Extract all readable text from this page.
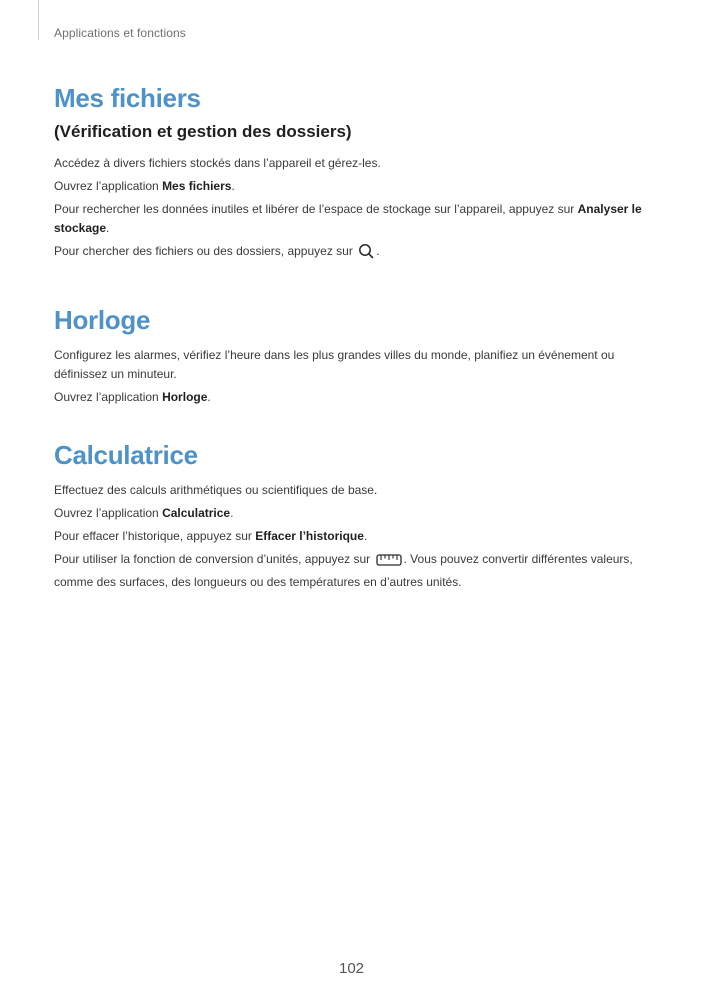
Applications et fonctions
Mes fichiers
(Vérification et gestion des dossiers)

Accédez à divers fichiers stockés dans l’appareil et gérez-les.

Ouvrez l’application Mes fichiers.

Pour rechercher les données inutiles et libérer de l’espace de stockage sur l’appareil, appuyez sur Analyser le stockage.

Pour chercher des fichiers ou des dossiers, appuyez sur .

Horloge

Configurez les alarmes, vérifiez l’heure dans les plus grandes villes du monde, planifiez un événement ou définissez un minuteur.

Ouvrez l’application Horloge.

Calculatrice

Effectuez des calculs arithmétiques ou scientifiques de base.

Ouvrez l’application Calculatrice.

Pour effacer l’historique, appuyez sur Effacer l’historique.

Pour utiliser la fonction de conversion d’unités, appuyez sur	. Vous pouvez convertir différentes valeurs, comme des surfaces, des longueurs ou des températures en d’autres unités.

102
